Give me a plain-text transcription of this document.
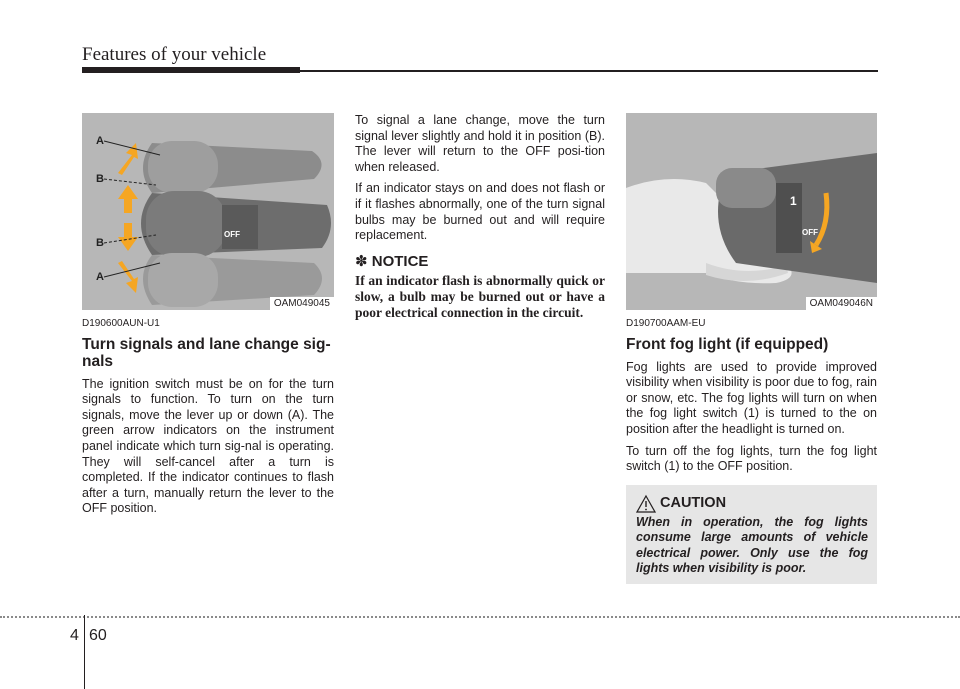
Features of your vehicle
A
B
B
A
OFF
OAM049045
D190600AUN-U1
Turn signals and lane change sig-nals

The ignition switch must be on for the turn signals to function. To turn on the turn signals, move the lever up or down (A). The green arrow indicators on the instrument panel indicate which turn sig-nal is operating. They will self-cancel after a turn is completed. If the indicator continues to flash after a turn, manually return the lever to the OFF position.

To signal a lane change, move the turn signal lever slightly and hold it in position (B). The lever will return to the OFF posi-tion when released.

If an indicator stays on and does not flash or if it flashes abnormally, one of the turn signal bulbs may be burned out and will require replacement.

✽ NOTICE
If an indicator flash is abnormally quick or slow, a bulb may be burned out or have a poor electrical connection in the circuit.
1
OFF
OAM049046N
D190700AAM-EU
Front fog light (if equipped)

Fog lights are used to provide improved visibility when visibility is poor due to fog, rain or snow, etc. The fog lights will turn on when the fog light switch (1) is turned to the on position after the headlight is turned on.

To turn off the fog lights, turn the fog light switch (1) to the OFF position.

CAUTION
When in operation, the fog lights consume large amounts of vehicle electrical power. Only use the fog lights when visibility is poor.
4 60
